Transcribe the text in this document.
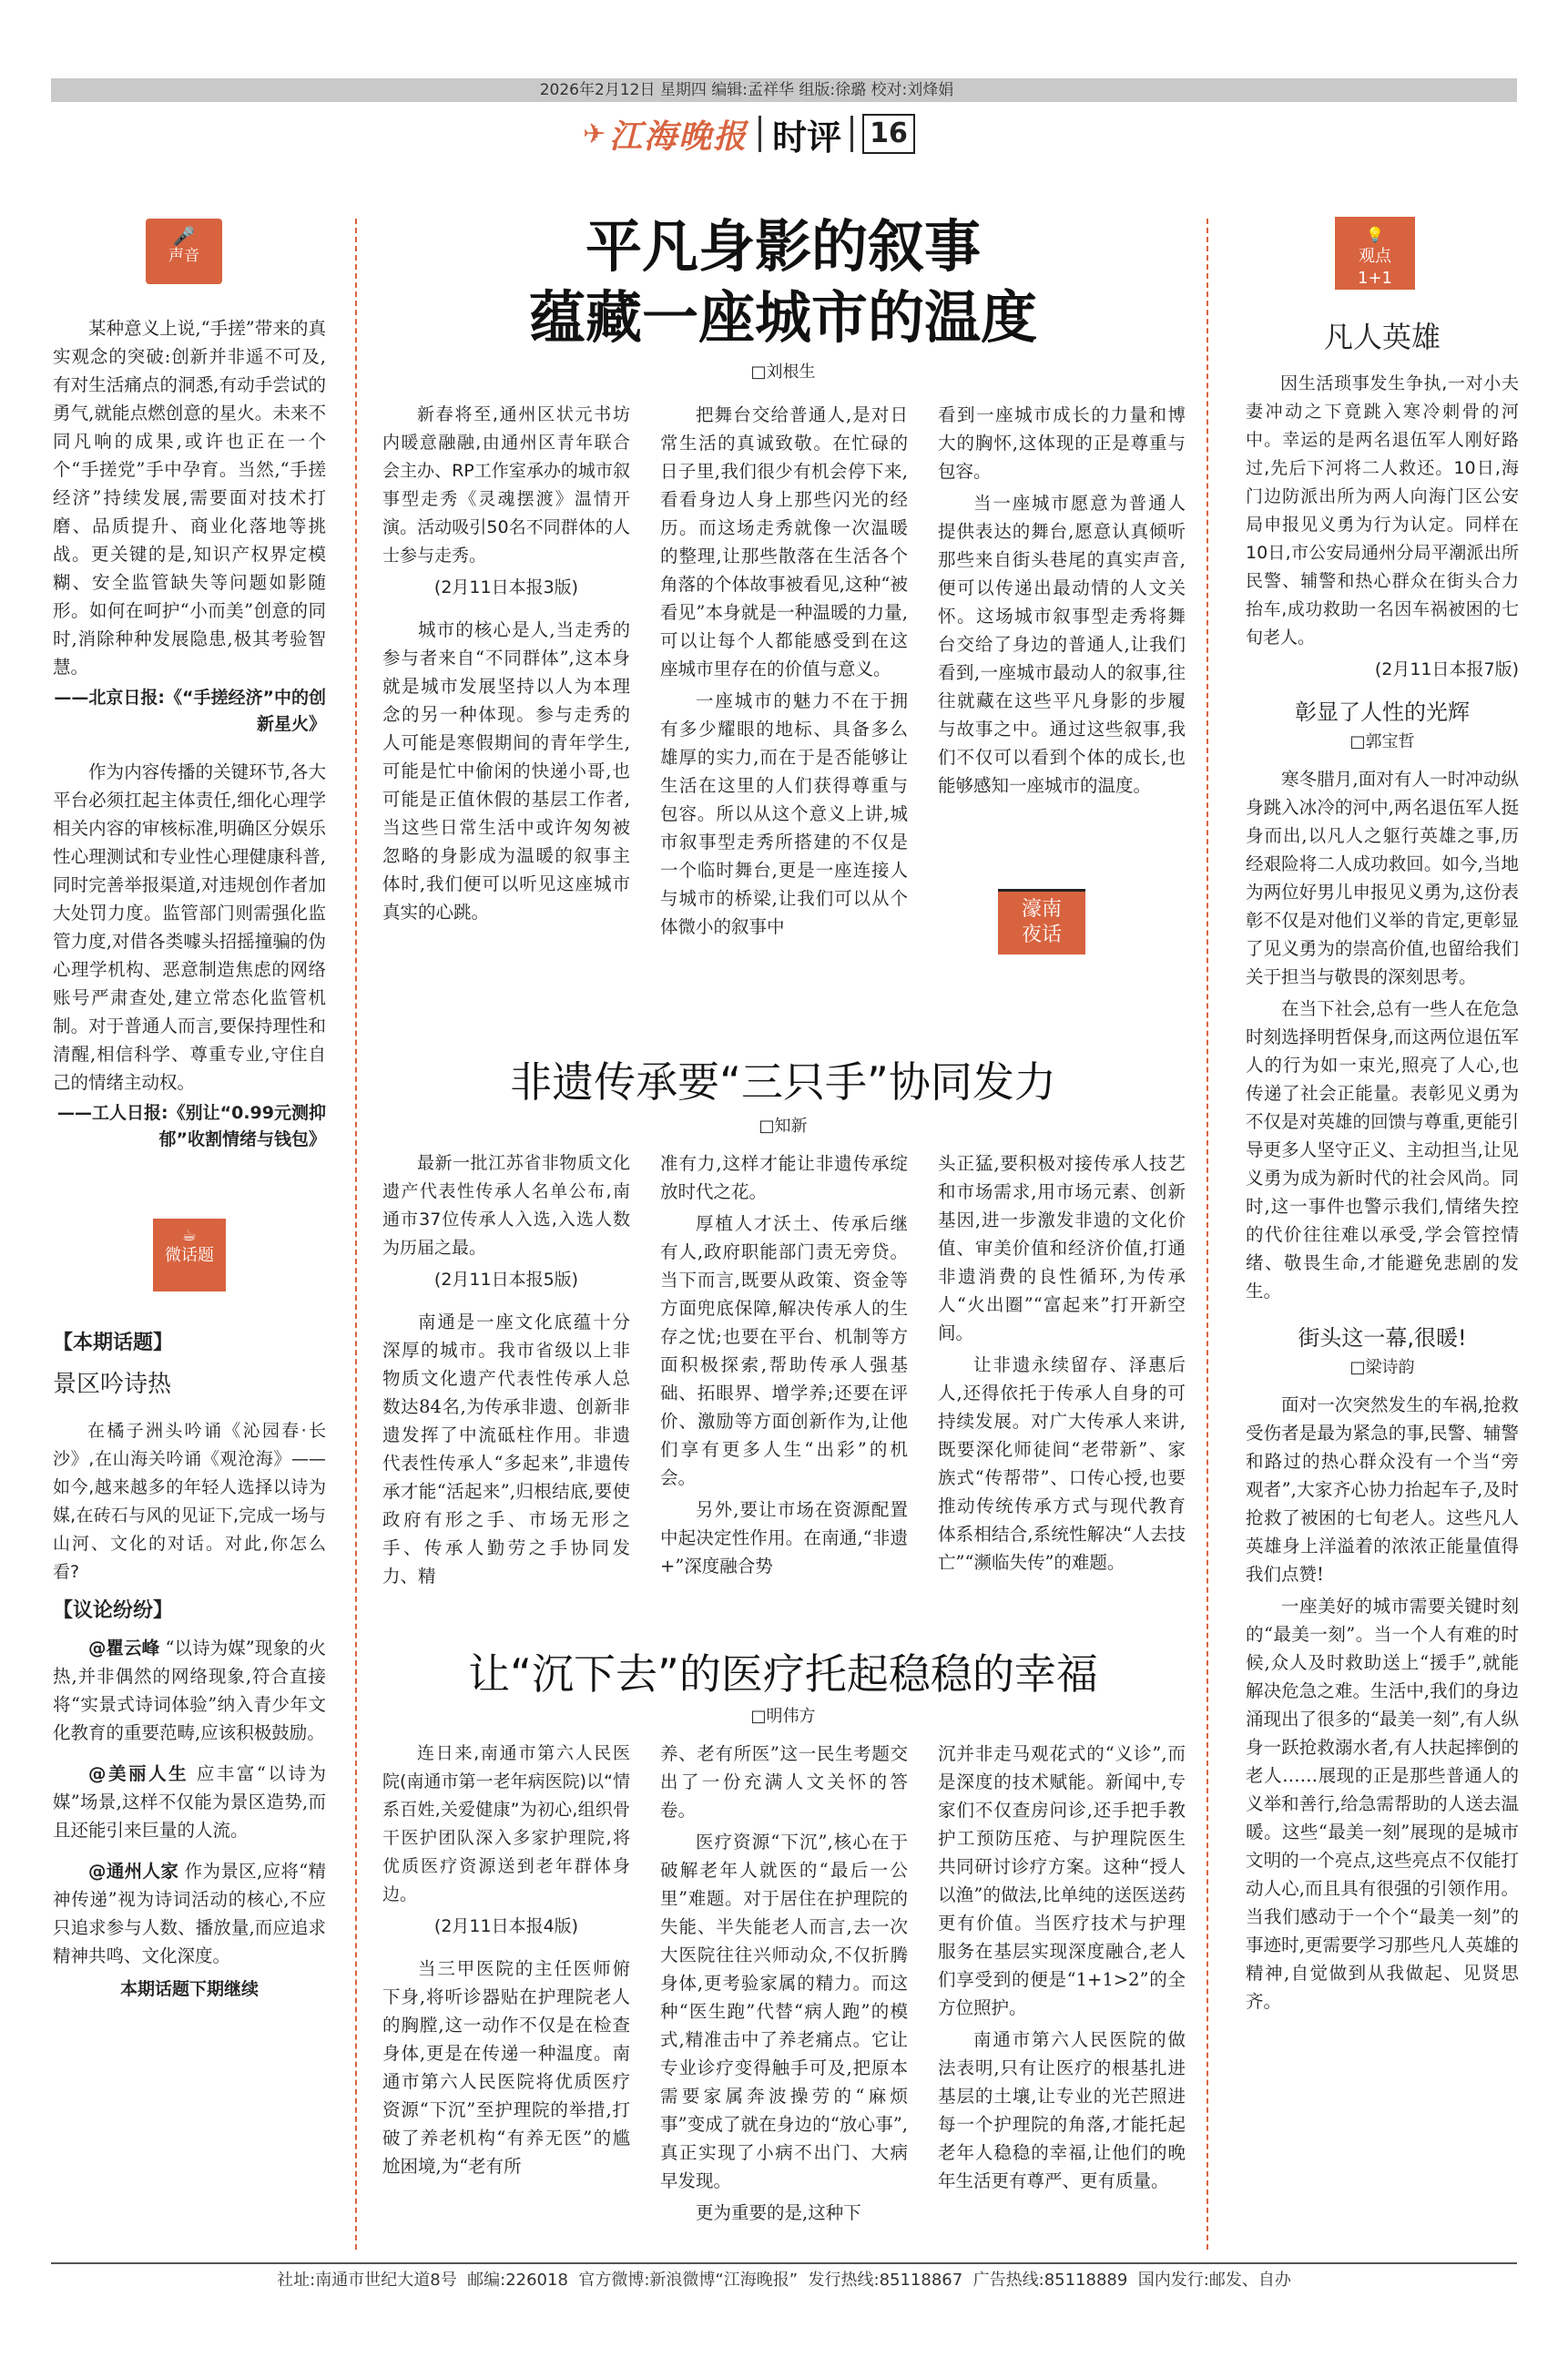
2026年2月12日 星期四 编辑:孟祥华 组版:徐璐 校对:刘烽娟
✈ 江海晚报 时评 16
🎤
声音

某种意义上说,“手搓”带来的真实观念的突破:创新并非遥不可及,有对生活痛点的洞悉,有动手尝试的勇气,就能点燃创意的星火。未来不同凡响的成果,或许也正在一个个“手搓党”手中孕育。当然,“手搓经济”持续发展,需要面对技术打磨、品质提升、商业化落地等挑战。更关键的是,知识产权界定模糊、安全监管缺失等问题如影随形。如何在呵护“小而美”创意的同时,消除种种发展隐患,极其考验智慧。

——北京日报:《“手搓经济”中的创新星火》

作为内容传播的关键环节,各大平台必须扛起主体责任,细化心理学相关内容的审核标准,明确区分娱乐性心理测试和专业性心理健康科普,同时完善举报渠道,对违规创作者加大处罚力度。监管部门则需强化监管力度,对借各类噱头招摇撞骗的伪心理学机构、恶意制造焦虑的网络账号严肃查处,建立常态化监管机制。对于普通人而言,要保持理性和清醒,相信科学、尊重专业,守住自己的情绪主动权。

——工人日报:《别让“0.99元测抑郁”收割情绪与钱包》

☕
微话题
【本期话题】
景区吟诗热

在橘子洲头吟诵《沁园春·长沙》,在山海关吟诵《观沧海》——如今,越来越多的年轻人选择以诗为媒,在砖石与风的见证下,完成一场与山河、文化的对话。对此,你怎么看?

【议论纷纷】

@瞿云峰 “以诗为媒”现象的火热,并非偶然的网络现象,符合直接将“实景式诗词体验”纳入青少年文化教育的重要范畴,应该积极鼓励。

@美丽人生 应丰富“以诗为媒”场景,这样不仅能为景区造势,而且还能引来巨量的人流。

@通州人家 作为景区,应将“精神传递”视为诗词活动的核心,不应只追求参与人数、播放量,而应追求精神共鸣、文化深度。

本期话题下期继续
平凡身影的叙事
蕴藏一座城市的温度
□刘根生

新春将至,通州区状元书坊内暖意融融,由通州区青年联合会主办、RP工作室承办的城市叙事型走秀《灵魂摆渡》温情开演。活动吸引50名不同群体的人士参与走秀。

(2月11日本报3版)

城市的核心是人,当走秀的参与者来自“不同群体”,这本身就是城市发展坚持以人为本理念的另一种体现。参与走秀的人可能是寒假期间的青年学生,可能是忙中偷闲的快递小哥,也可能是正值休假的基层工作者,当这些日常生活中或许匆匆被忽略的身影成为温暖的叙事主体时,我们便可以听见这座城市真实的心跳。

把舞台交给普通人,是对日常生活的真诚致敬。在忙碌的日子里,我们很少有机会停下来,看看身边人身上那些闪光的经历。而这场走秀就像一次温暖的整理,让那些散落在生活各个角落的个体故事被看见,这种“被看见”本身就是一种温暖的力量,可以让每个人都能感受到在这座城市里存在的价值与意义。

一座城市的魅力不在于拥有多少耀眼的地标、具备多么雄厚的实力,而在于是否能够让生活在这里的人们获得尊重与包容。所以从这个意义上讲,城市叙事型走秀所搭建的不仅是一个临时舞台,更是一座连接人与城市的桥梁,让我们可以从个体微小的叙事中

看到一座城市成长的力量和博大的胸怀,这体现的正是尊重与包容。

当一座城市愿意为普通人提供表达的舞台,愿意认真倾听那些来自街头巷尾的真实声音,便可以传递出最动情的人文关怀。这场城市叙事型走秀将舞台交给了身边的普通人,让我们看到,一座城市最动人的叙事,往往就藏在这些平凡身影的步履与故事之中。通过这些叙事,我们不仅可以看到个体的成长,也能够感知一座城市的温度。

濠南夜话
非遗传承要“三只手”协同发力
□知新

最新一批江苏省非物质文化遗产代表性传承人名单公布,南通市37位传承人入选,入选人数为历届之最。

(2月11日本报5版)

南通是一座文化底蕴十分深厚的城市。我市省级以上非物质文化遗产代表性传承人总数达84名,为传承非遗、创新非遗发挥了中流砥柱作用。非遗代表性传承人“多起来”,非遗传承才能“活起来”,归根结底,要使政府有形之手、市场无形之手、传承人勤劳之手协同发力、精

准有力,这样才能让非遗传承绽放时代之花。

厚植人才沃土、传承后继有人,政府职能部门责无旁贷。当下而言,既要从政策、资金等方面兜底保障,解决传承人的生存之忧;也要在平台、机制等方面积极探索,帮助传承人强基础、拓眼界、增学养;还要在评价、激励等方面创新作为,让他们享有更多人生“出彩”的机会。

另外,要让市场在资源配置中起决定性作用。在南通,“非遗+”深度融合势

头正猛,要积极对接传承人技艺和市场需求,用市场元素、创新基因,进一步激发非遗的文化价值、审美价值和经济价值,打通非遗消费的良性循环,为传承人“火出圈”“富起来”打开新空间。

让非遗永续留存、泽惠后人,还得依托于传承人自身的可持续发展。对广大传承人来讲,既要深化师徒间“老带新”、家族式“传帮带”、口传心授,也要推动传统传承方式与现代教育体系相结合,系统性解决“人去技亡”“濒临失传”的难题。

让“沉下去”的医疗托起稳稳的幸福
□明伟方

连日来,南通市第六人民医院(南通市第一老年病医院)以“情系百姓,关爱健康”为初心,组织骨干医护团队深入多家护理院,将优质医疗资源送到老年群体身边。

(2月11日本报4版)

当三甲医院的主任医师俯下身,将听诊器贴在护理院老人的胸膛,这一动作不仅是在检查身体,更是在传递一种温度。南通市第六人民医院将优质医疗资源“下沉”至护理院的举措,打破了养老机构“有养无医”的尴尬困境,为“老有所

养、老有所医”这一民生考题交出了一份充满人文关怀的答卷。

医疗资源“下沉”,核心在于破解老年人就医的“最后一公里”难题。对于居住在护理院的失能、半失能老人而言,去一次大医院往往兴师动众,不仅折腾身体,更考验家属的精力。而这种“医生跑”代替“病人跑”的模式,精准击中了养老痛点。它让专业诊疗变得触手可及,把原本需要家属奔波操劳的“麻烦事”变成了就在身边的“放心事”,真正实现了小病不出门、大病早发现。

更为重要的是,这种下

沉并非走马观花式的“义诊”,而是深度的技术赋能。新闻中,专家们不仅查房问诊,还手把手教护工预防压疮、与护理院医生共同研讨诊疗方案。这种“授人以渔”的做法,比单纯的送医送药更有价值。当医疗技术与护理服务在基层实现深度融合,老人们享受到的便是“1+1>2”的全方位照护。

南通市第六人民医院的做法表明,只有让医疗的根基扎进基层的土壤,让专业的光芒照进每一个护理院的角落,才能托起老年人稳稳的幸福,让他们的晚年生活更有尊严、更有质量。

💡
观点1+1
凡人英雄

因生活琐事发生争执,一对小夫妻冲动之下竟跳入寒冷刺骨的河中。幸运的是两名退伍军人刚好路过,先后下河将二人救还。10日,海门边防派出所为两人向海门区公安局申报见义勇为行为认定。同样在10日,市公安局通州分局平潮派出所民警、辅警和热心群众在街头合力抬车,成功救助一名因车祸被困的七旬老人。

(2月11日本报7版)

彰显了人性的光辉
□郭宝哲

寒冬腊月,面对有人一时冲动纵身跳入冰冷的河中,两名退伍军人挺身而出,以凡人之躯行英雄之事,历经艰险将二人成功救回。如今,当地为两位好男儿申报见义勇为,这份表彰不仅是对他们义举的肯定,更彰显了见义勇为的崇高价值,也留给我们关于担当与敬畏的深刻思考。

在当下社会,总有一些人在危急时刻选择明哲保身,而这两位退伍军人的行为如一束光,照亮了人心,也传递了社会正能量。表彰见义勇为不仅是对英雄的回馈与尊重,更能引导更多人坚守正义、主动担当,让见义勇为成为新时代的社会风尚。同时,这一事件也警示我们,情绪失控的代价往往难以承受,学会管控情绪、敬畏生命,才能避免悲剧的发生。

街头这一幕,很暖!
□梁诗韵

面对一次突然发生的车祸,抢救受伤者是最为紧急的事,民警、辅警和路过的热心群众没有一个当“旁观者”,大家齐心协力抬起车子,及时抢救了被困的七旬老人。这些凡人英雄身上洋溢着的浓浓正能量值得我们点赞!

一座美好的城市需要关键时刻的“最美一刻”。当一个人有难的时候,众人及时救助送上“援手”,就能解决危急之难。生活中,我们的身边涌现出了很多的“最美一刻”,有人纵身一跃抢救溺水者,有人扶起摔倒的老人……展现的正是那些普通人的义举和善行,给急需帮助的人送去温暖。这些“最美一刻”展现的是城市文明的一个亮点,这些亮点不仅能打动人心,而且具有很强的引领作用。当我们感动于一个个“最美一刻”的事迹时,更需要学习那些凡人英雄的精神,自觉做到从我做起、见贤思齐。

社址:南通市世纪大道8号  邮编:226018  官方微博:新浪微博“江海晚报”  发行热线:85118867  广告热线:85118889  国内发行:邮发、自办
